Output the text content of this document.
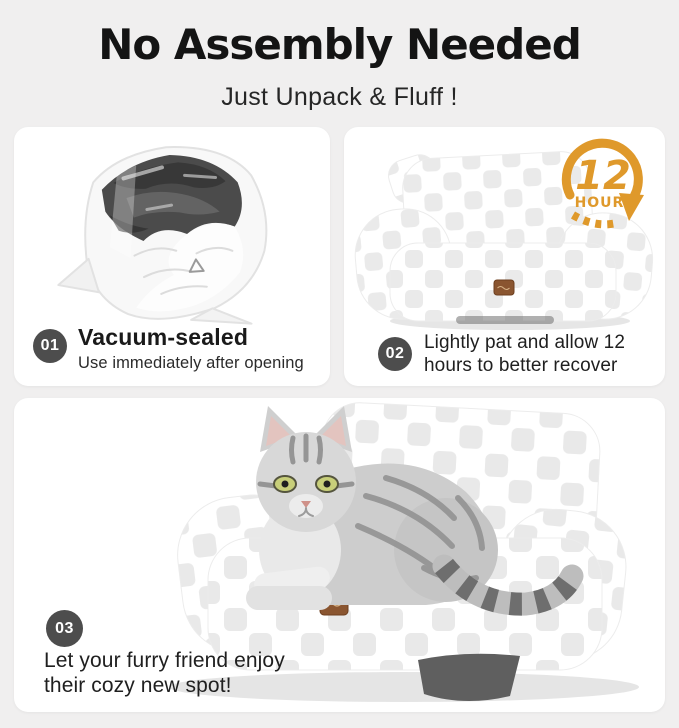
No Assembly Needed
Just Unpack & Fluff !
01 Vacuum-sealed
Use immediately after opening
12
HOURS
02
Lightly pat and allow 12
hours to better recover
03
Let your furry friend enjoy
their cozy new spot!
